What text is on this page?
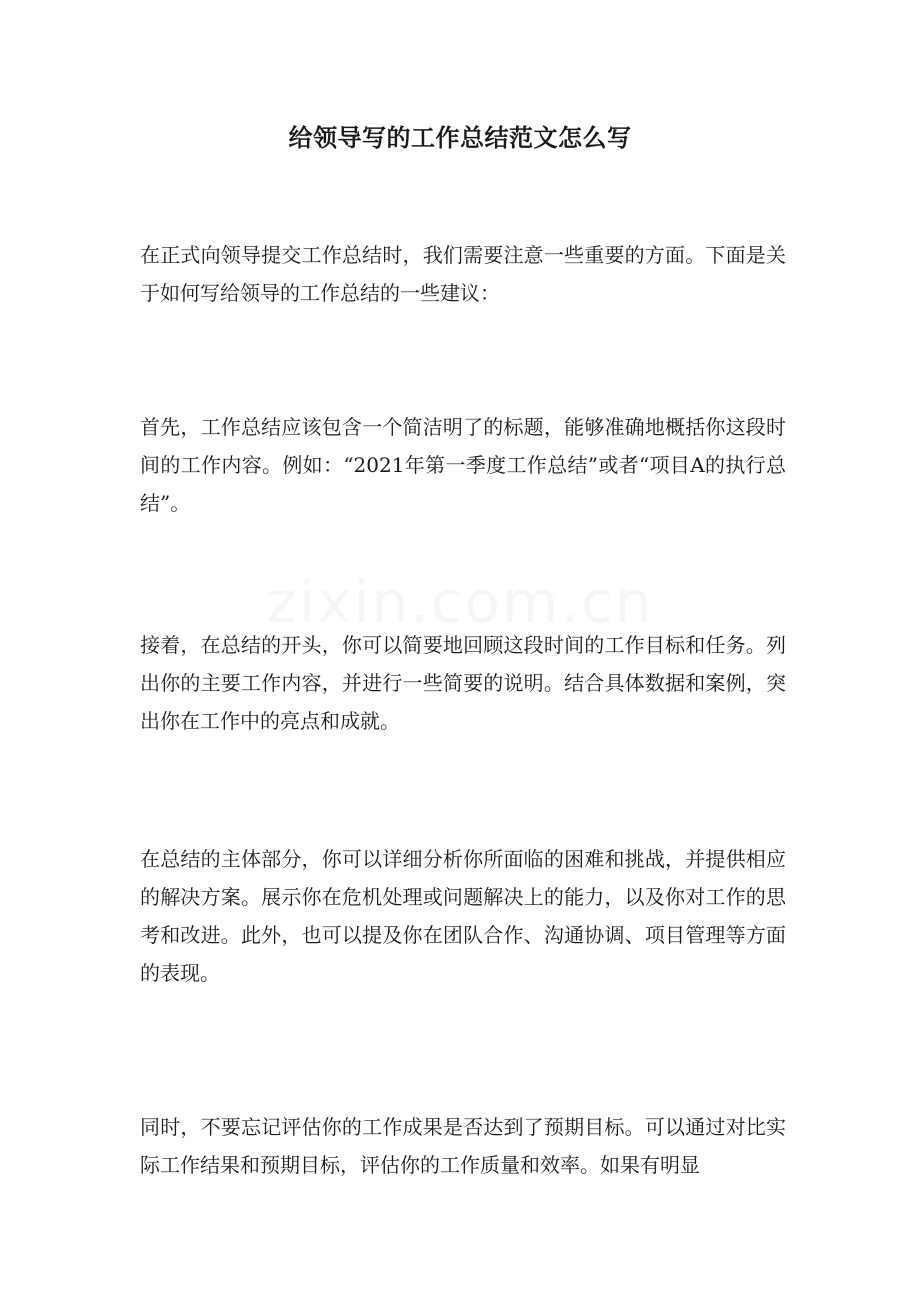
给领导写的工作总结范文怎么写

在正式向领导提交工作总结时，我们需要注意一些重要的方面。下面是关于如何写给领导的工作总结的一些建议：

首先，工作总结应该包含一个简洁明了的标题，能够准确地概括你这段时间的工作内容。例如：“2021年第一季度工作总结”或者“项目A的执行总结”。

接着，在总结的开头，你可以简要地回顾这段时间的工作目标和任务。列出你的主要工作内容，并进行一些简要的说明。结合具体数据和案例，突出你在工作中的亮点和成就。

在总结的主体部分，你可以详细分析你所面临的困难和挑战，并提供相应的解决方案。展示你在危机处理或问题解决上的能力，以及你对工作的思考和改进。此外，也可以提及你在团队合作、沟通协调、项目管理等方面的表现。

同时，不要忘记评估你的工作成果是否达到了预期目标。可以通过对比实际工作结果和预期目标，评估你的工作质量和效率。如果有明显
